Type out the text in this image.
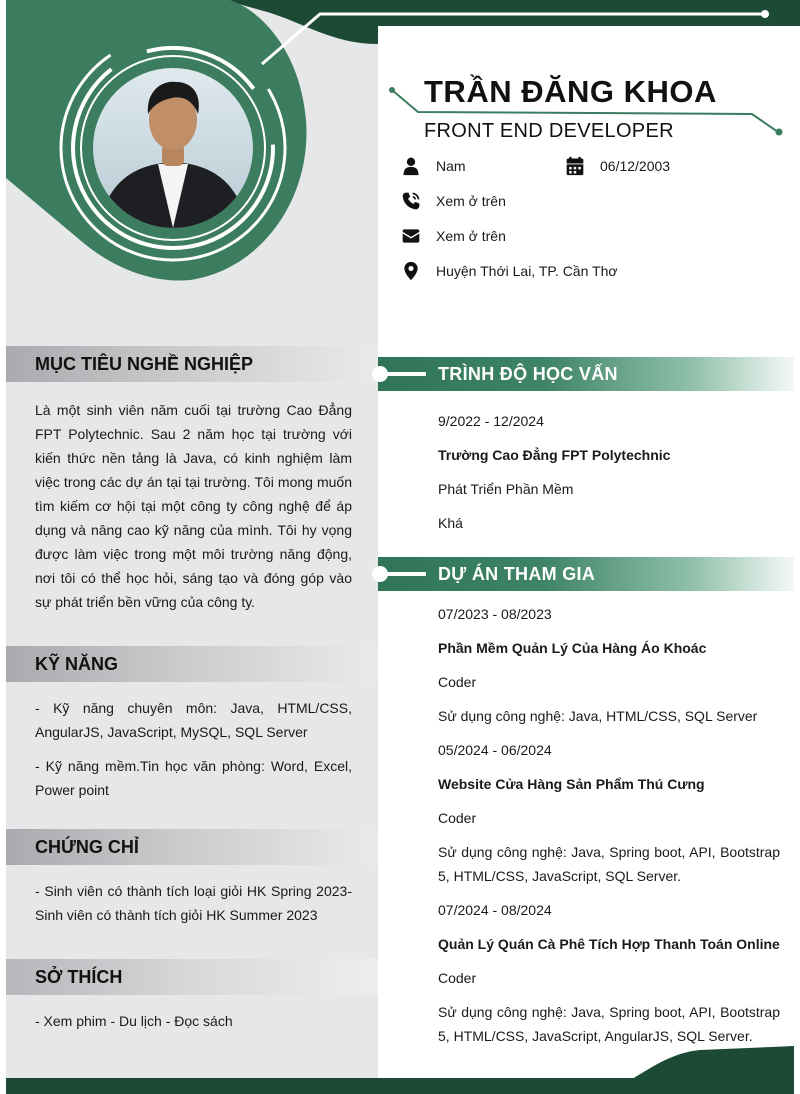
TRẦN ĐĂNG KHOA
FRONT END DEVELOPER
Nam	06/12/2003
Xem ở trên
Xem ở trên
Huyện Thới Lai, TP. Cần Thơ
MỤC TIÊU NGHỀ NGHIỆP
Là một sinh viên năm cuối tại trường Cao Đẳng FPT Polytechnic. Sau 2 năm học tại trường với kiến thức nền tảng là Java, có kinh nghiệm làm việc trong các dự án tại tại trường. Tôi mong muốn tìm kiếm cơ hội tại một công ty công nghệ để áp dụng và nâng cao kỹ năng của mình. Tôi hy vọng được làm việc trong một môi trường năng động, nơi tôi có thể học hỏi, sáng tạo và đóng góp vào sự phát triển bền vững của công ty.
KỸ NĂNG
- Kỹ năng chuyên môn: Java, HTML/CSS, AngularJS, JavaScript, MySQL, SQL Server
- Kỹ năng mềm.Tin học văn phòng: Word, Excel, Power point
CHỨNG CHỈ
- Sinh viên có thành tích loại giỏi HK Spring 2023- Sinh viên có thành tích giỏi HK Summer 2023
SỞ THÍCH
- Xem phim - Du lịch - Đọc sách
TRÌNH ĐỘ HỌC VẤN
9/2022 - 12/2024
Trường Cao Đẳng FPT Polytechnic
Phát Triển Phần Mềm
Khá
DỰ ÁN THAM GIA
07/2023 - 08/2023
Phần Mềm Quản Lý Của Hàng Áo Khoác
Coder
Sử dụng công nghệ: Java, HTML/CSS, SQL Server
05/2024 - 06/2024
Website Cửa Hàng Sản Phẩm Thú Cưng
Coder
Sử dụng công nghệ: Java, Spring boot, API, Bootstrap 5, HTML/CSS, JavaScript, SQL Server.
07/2024 - 08/2024
Quản Lý Quán Cà Phê Tích Hợp Thanh Toán Online
Coder
Sử dụng công nghệ: Java, Spring boot, API, Bootstrap 5, HTML/CSS, JavaScript, AngularJS, SQL Server.
